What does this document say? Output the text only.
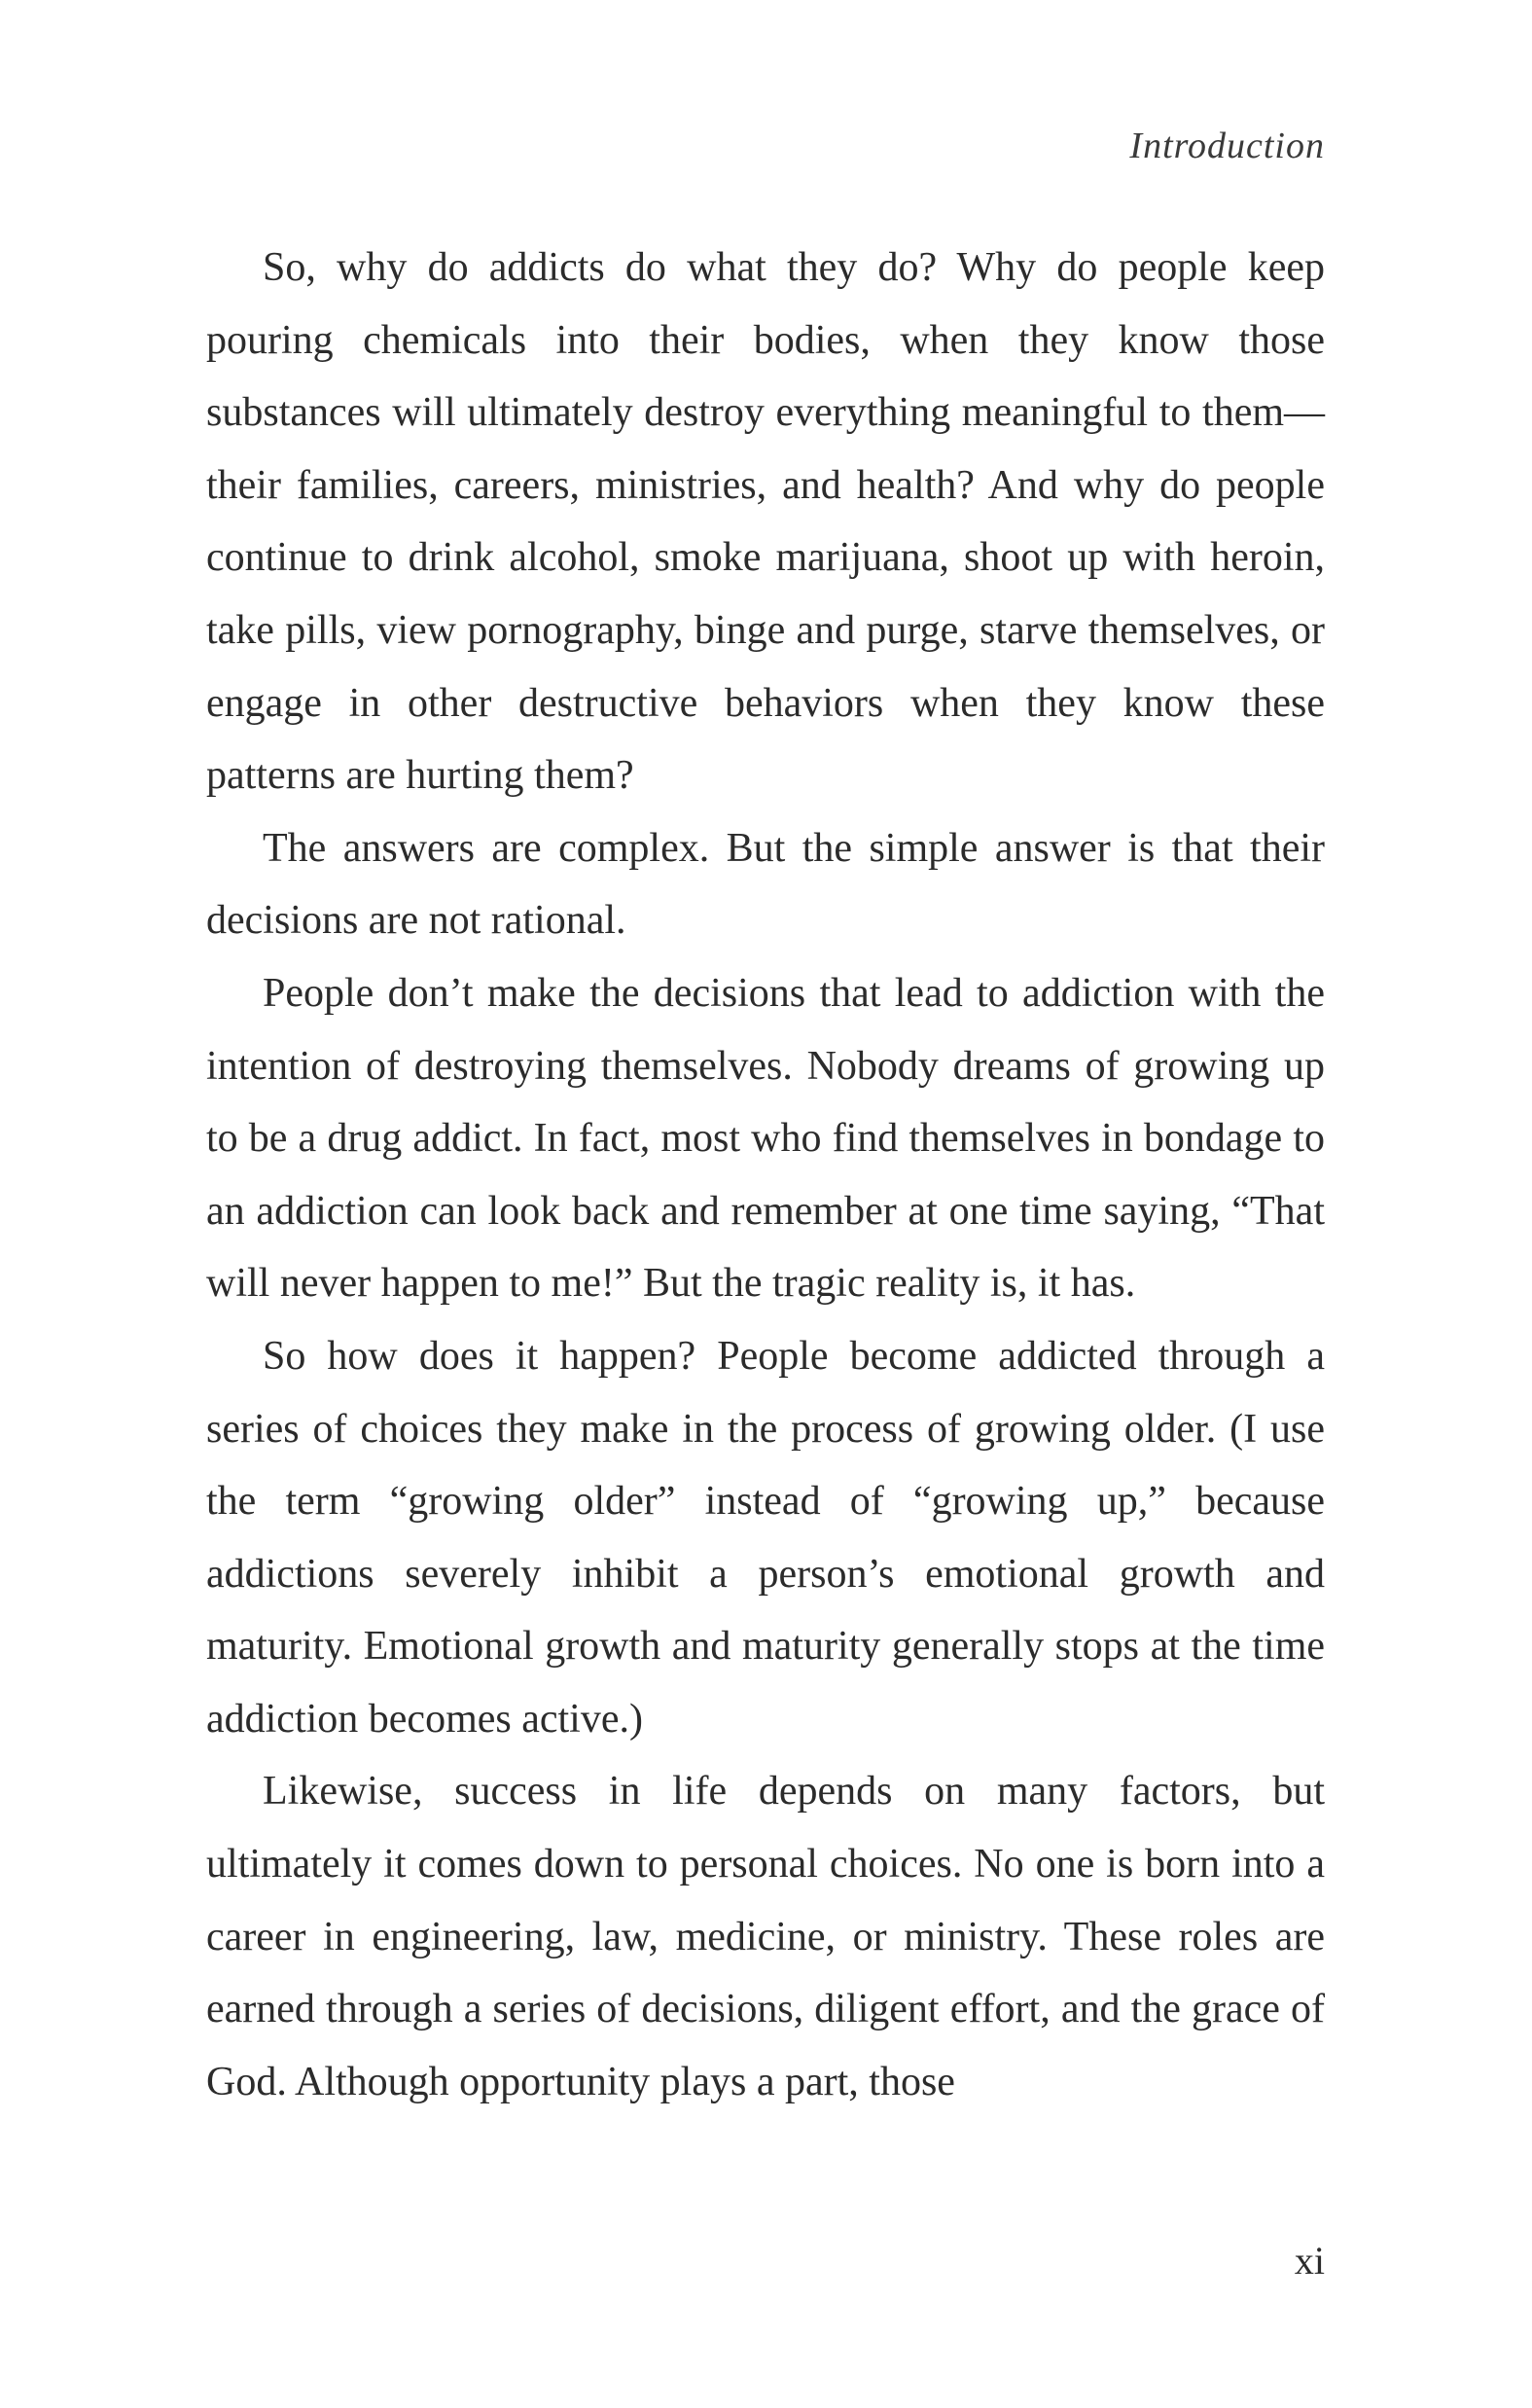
Introduction

So, why do addicts do what they do? Why do people keep pouring chemicals into their bodies, when they know those substances will ultimately destroy everything meaningful to them—their families, careers, ministries, and health? And why do people continue to drink alcohol, smoke marijuana, shoot up with heroin, take pills, view pornography, binge and purge, starve themselves, or engage in other destructive behaviors when they know these patterns are hurting them?

The answers are complex. But the simple answer is that their decisions are not rational.

People don’t make the decisions that lead to addiction with the intention of destroying themselves. Nobody dreams of growing up to be a drug addict. In fact, most who find themselves in bondage to an addiction can look back and remember at one time saying, “That will never happen to me!” But the tragic reality is, it has.

So how does it happen? People become addicted through a series of choices they make in the process of growing older. (I use the term “growing older” instead of “growing up,” because addictions severely inhibit a person’s emotional growth and maturity. Emotional growth and maturity generally stops at the time addiction becomes active.)

Likewise, success in life depends on many factors, but ultimately it comes down to personal choices. No one is born into a career in engineering, law, medicine, or ministry. These roles are earned through a series of decisions, diligent effort, and the grace of God. Although opportunity plays a part, those

xi
